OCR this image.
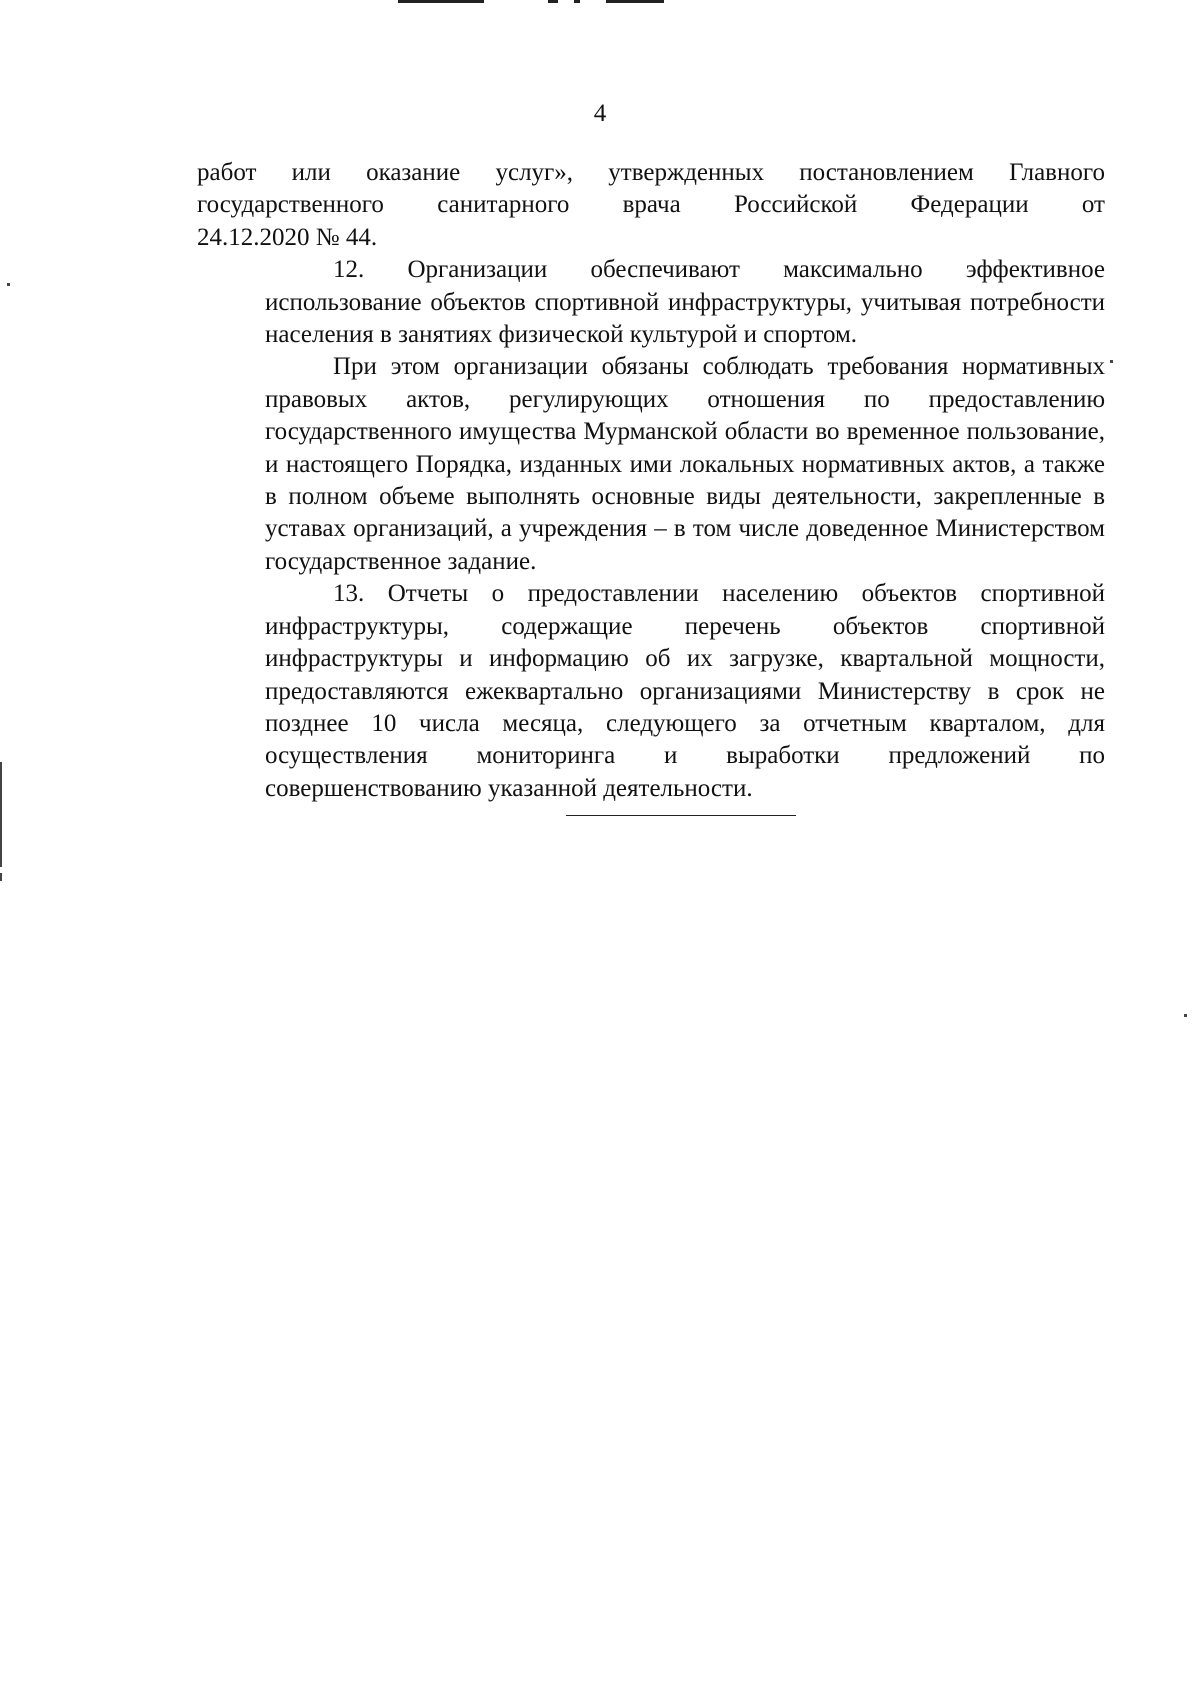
4

работ или оказание услуг», утвержденных постановлением Главного
государственного санитарного врача Российской Федерации от
24.12.2020 № 44.

12. Организации обеспечивают максимально эффективное
использование объектов спортивной инфраструктуры, учитывая потребности
населения в занятиях физической культурой и спортом.

При этом организации обязаны соблюдать требования нормативных
правовых актов, регулирующих отношения по предоставлению
государственного имущества Мурманской области во временное пользование,
и настоящего Порядка, изданных ими локальных нормативных актов, а также
в полном объеме выполнять основные виды деятельности, закрепленные в
уставах организаций, а учреждения – в том числе доведенное Министерством
государственное задание.

13. Отчеты о предоставлении населению объектов спортивной
инфраструктуры, содержащие перечень объектов спортивной
инфраструктуры и информацию об их загрузке, квартальной мощности,
предоставляются ежеквартально организациями Министерству в срок не
позднее 10 числа месяца, следующего за отчетным кварталом, для
осуществления мониторинга и выработки предложений по
совершенствованию указанной деятельности.
